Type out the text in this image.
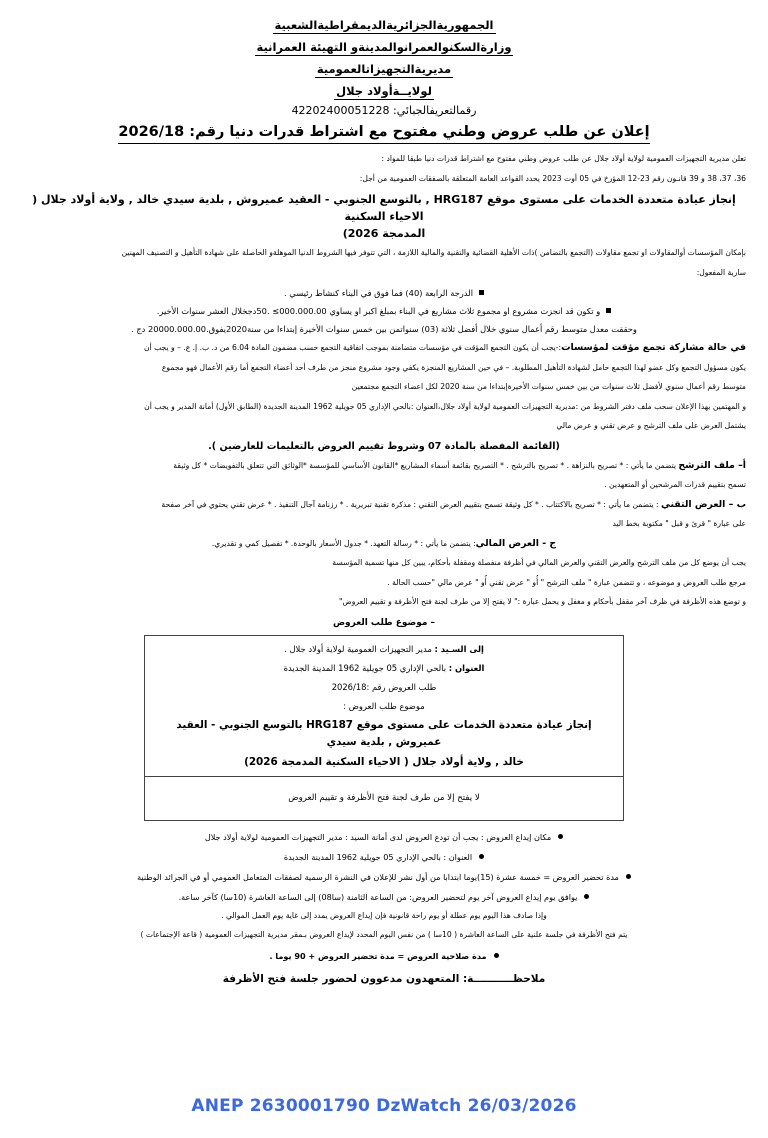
الجمهوريةالجزائريةالديمقراطيةالشعبية
وزارةالسكنوالعمرانوالمدينةو التهيئة العمرانية
مديريةالتجهيزاتالعمومية
لولايــةأولاد جلال
رقمالتعريفالجبائي: 42202400051228
إعلان عن طلب عروض وطني مفتوح مع اشتراط قدرات دنيا رقم: 2026/18

تعلن مديرية التجهيزات العمومية لولاية أولاد جلال عن طلب عروض وطني مفتوح مع اشتراط قدرات دنيا طبقا للمواد :

36، 37، 38 و 39 قانـون رقم 23-12 المؤرخ في 05 أوت 2023 يحدد القواعد العامة المتعلقة بالصفقات العمومية من أجل:

إنجاز عيادة متعددة الخدمات على مستوى موقع HRG187 , بالتوسع الجنوبي - العقيد عميروش , بلدية سيدي خالد , ولاية أولاد جلال ( الاحياء السكنية
المدمجة 2026)

بإمكان المؤسسات أوالمقاولات او تجمع مقاولات (التجمع بالتضامن )ذات الأهلية القضائية والتقنية والمالية اللازمة ، التي تتوفر فيها الشروط الدنيا الموهلةو الحاصلة على شهادة التأهيل و التصنيف المهنين

سارية المفعول:

الدرجة الرابعة (40) فما فوق في البناء كنشاط رئيسي .
و تكون قد انجزت مشروع او مجموع ثلاث مشاريع في البناء بمبلغ اكبر او يساوي 000.000.00≥ .50دجخلال العشر سنوات الأخير.
وحققت معدل متوسط رقم أعمال سنوي خلال أفضل ثلاثة (03) سنواتمن بين خمس سنوات الأخيرة إبتداءا من سنة2020يفوق.20000.000.00 دج .

في حالة مشاركة تجمع مؤقت لمؤسسات:-يجب أن يكون التجمع المؤقت في مؤسسات متضامنة بموجب اتفاقية التجمع حسب مضمون المادة 6.04 من د. ب. إ. ع. – و يجب أن

يكون مسؤول التجمع وكل عضو لهذا التجمع حامل لشهادة التأهيل المطلوبة. – في حين المشاريع المنجزة يكفي وجود مشروع منجز من طرف أحد أعضاء التجمع أما رقم الأعمال فهو مجموع

متوسط رقم أعمال سنوي لأفضل ثلاث سنوات من بين خمس سنوات الأخيرةإبتداءا من سنة 2020 لكل اعضاء التجمع مجتمعين

و المهتمين بهذا الإعلان سحب ملف دفتر الشروط من :مديرية التجهيزات العمومية لولاية أولاد جلال،العنوان :بالحي الإداري 05 جويلية 1962 المدينة الجديدة (الطابق الأول) أمانة المدير و يجب أن

يشتمل العرض على ملف الترشح و عرض تقني و عرض مالي

(القائمة المفصلة بالمادة 07 وشروط تقييم العروض بالتعليمات للعارضين ).

أ– ملف الترشح يتضمن ما يأتي : * تصريح بالنزاهة . * تصريح بالترشح . * التصريح بقائمة أسماء المشاريع *القانون الأساسي للمؤسسة *الوثائق التي تتعلق بالتفويضات * كل وثيقة

تسمح بتقييم قدرات المرشحين أو المتعهدين .

ب – العرض التقني : يتضمن ما يأتي : * تصريح بالاكتتاب . * كل وثيقة تسمح بتقييم العرض التقني : مذكرة تقنية تبريرية . * رزنامة آجال التنفيذ . * عرض تقني يحتوي في آخر صفحة

على عبارة " قرئ و قبل " مكتوبة بخط اليد

ج - العرض المالي: يتضمن ما يأتي : * رسالة التعهد. * جدول الأسعار بالوحدة. * تفصيل كمي و تقديري.

يجب أن يوضع كل من ملف الترشح والعرض التقني والعرض المالي في أظرفة منفصلة ومقفلة بأحكام، يبين كل منها تسمية المؤسسة

مرجع طلب العروض و موضوعه ، و تتضمن عبارة " ملف الترشح " أُو " عرض تقني أُو " عرض مالي "حسب الحالة .

و توضع هذه الأظرفة في ظرف آخر مقفل بأحكام و مغفل و يحمل عبارة :" لا يفتح إلا من طرف لجنة فتح الأظرفة و تقييم العروض"

– موضوع طلب العروض

إلى السـيد : مدير التجهيزات العمومية لولاية أولاد جلال .

العنوان : بالحي الإداري 05 جويلية 1962 المدينة الجديدة

طلب العروض رقم :2026/18

موضوع طلب العروض :

إنجاز عيادة متعددة الخدمات على مستوى موقع HRG187 بالتوسع الجنوبي - العقيد عميروش , بلدية سيدي

خالد , ولاية أولاد جلال ( الاحياء السكنية المدمجة 2026)

لا يفتح إلا من طرف لجنة فتح الأظرفة و تقييم العروض

مكان إيداع العروض : يجب أن تودع العروض لدى أمانة السيد : مدير التجهيزات العمومية لولاية أولاد جلال
العنوان : بالحي الإداري 05 جويلية 1962 المدينة الجديدة
مدة تحضير العروض = خمسة عشرة (15)يوما ابتدابا من أول نشر للإعلان في النشرة الرسمية لصفقات المتعامل العمومي أو في الجرائد الوطنية
يوافق يوم إيداع العروض آخر يوم لتحضير العروض: من الساعة الثامنة (سا08) إلى الساعة العاشرة (10سا) كآخر ساعة.

وإذا صادف هذا اليوم يوم عطلة أو يوم راحة قانونية فإن إيداع العروض يمدد إلى غاية يوم العمل الموالي .

يتم فتح الأظرفة في جلسة علنية على الساعة العاشرة ( 10سا ) من نفس اليوم المحدد لإيداع العروض بـمقر مديرية التجهيزات العمومية ( قاعة الإجتماعات )

مدة صلاحية العروض = مدة تحضير العروض + 90 يوما .
ملاحظـــــــــــة: المتعهدون مدعوون لحضور جلسة فتح الأظرفة
ANEP 2630001790 DzWatch 26/03/2026
